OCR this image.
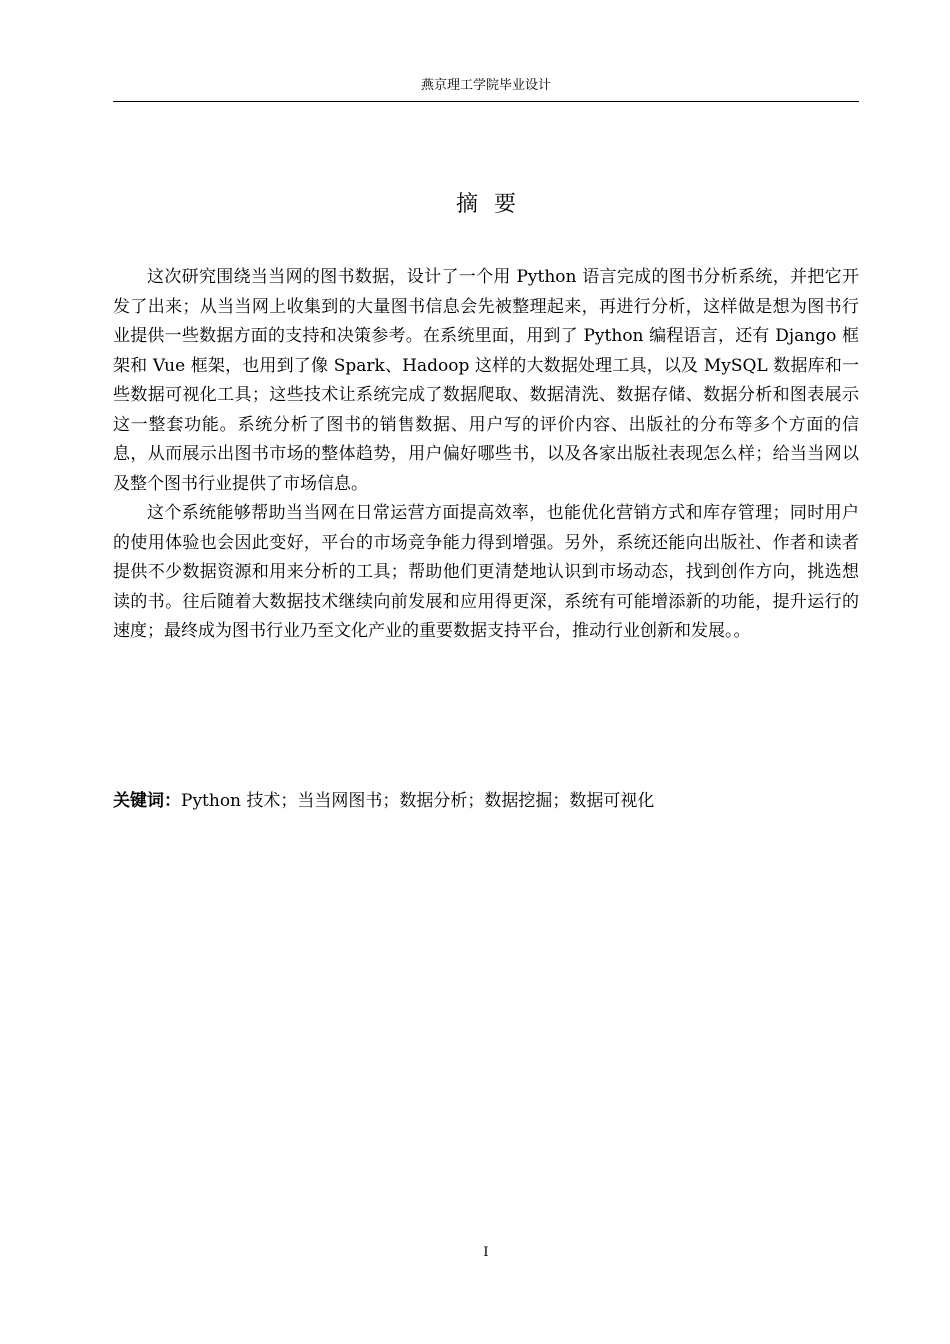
燕京理工学院毕业设计
摘要

这次研究围绕当当网的图书数据，设计了一个用 Python 语言完成的图书分析系统，并把它开发了出来；从当当网上收集到的大量图书信息会先被整理起来，再进行分析，这样做是想为图书行业提供一些数据方面的支持和决策参考。在系统里面，用到了 Python 编程语言，还有 Django 框架和 Vue 框架，也用到了像 Spark、Hadoop 这样的大数据处理工具，以及 MySQL 数据库和一些数据可视化工具；这些技术让系统完成了数据爬取、数据清洗、数据存储、数据分析和图表展示这一整套功能。系统分析了图书的销售数据、用户写的评价内容、出版社的分布等多个方面的信息，从而展示出图书市场的整体趋势，用户偏好哪些书，以及各家出版社表现怎么样；给当当网以及整个图书行业提供了市场信息。

这个系统能够帮助当当网在日常运营方面提高效率，也能优化营销方式和库存管理；同时用户的使用体验也会因此变好，平台的市场竞争能力得到增强。另外，系统还能向出版社、作者和读者提供不少数据资源和用来分析的工具；帮助他们更清楚地认识到市场动态，找到创作方向，挑选想读的书。往后随着大数据技术继续向前发展和应用得更深，系统有可能增添新的功能，提升运行的速度；最终成为图书行业乃至文化产业的重要数据支持平台，推动行业创新和发展。。

关键词：Python 技术；当当网图书；数据分析；数据挖掘；数据可视化
I
